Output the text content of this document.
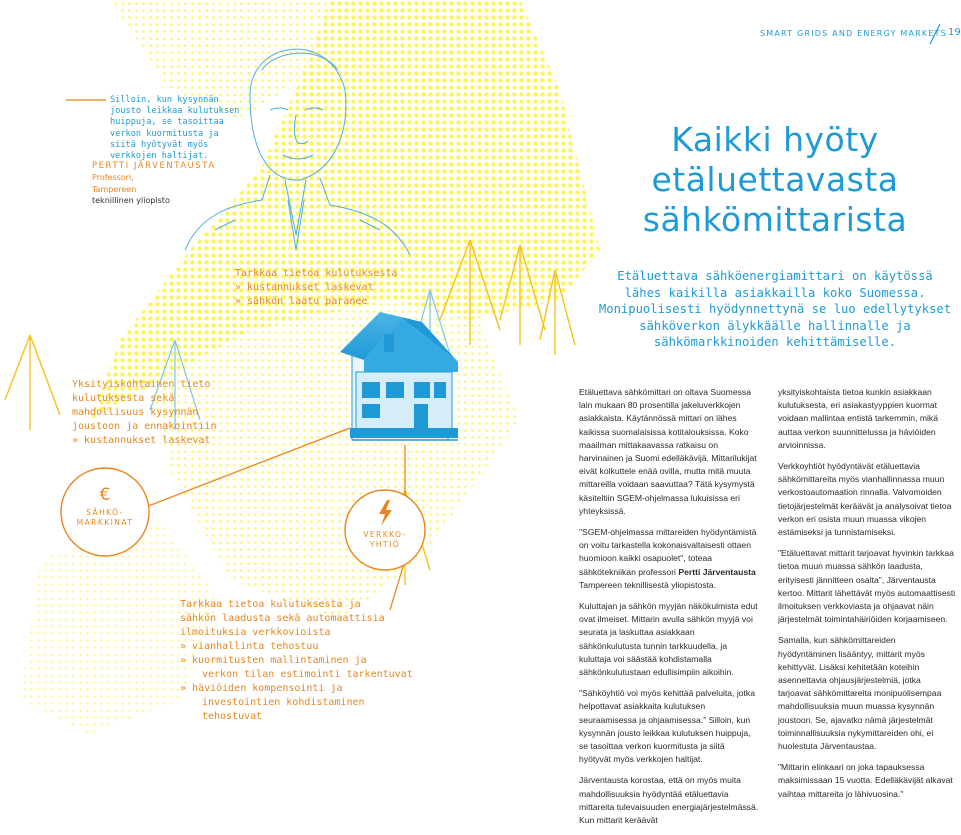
SMART GRIDS AND ENERGY MARKETS 19
Silloin, kun kysynnän jousto leikkaa kulutuksen huippuja, se tasoittaa verkon kuormitusta ja siitä hyötyvät myös verkkojen haltijat.
PERTTI JÄRVENTAUSTA
Professori,
Tampereen
teknillinen yliopisto
Kaikki hyöty
etäluettavasta
sähkömittarista
Etäluettava sähköenergiamittari on käytössä
lähes kaikilla asiakkailla koko Suomessa.
Monipuolisesti hyödynnettynä se luo edellytykset
sähköverkon älykkäälle hallinnalle ja
sähkömarkkinoiden kehittämiselle.
Tarkkaa tietoa kulutuksesta
» kustannukset laskevat
» sähkön laatu paranee
Yksityiskohtainen tieto
kulutuksesta sekä
mahdollisuus kysynnän
joustoon ja ennakointiin
» kustannukset laskevat
€
SÄHKÖ-
MARKKINAT
VERKKO-
YHTIÖ
Tarkkaa tietoa kulutuksesta ja
sähkön laadusta sekä automaattisia
ilmoituksia verkkovioista
» vianhallinta tehostuu
» kuormitusten mallintaminen ja
verkon tilan estimointi tarkentuvat
» häviöiden kompensointi ja
investointien kohdistaminen
tehostuvat

Etäluettava sähkömittari on oltava Suomessa lain mukaan 80 prosentilla jakeluverkkojen asiakkaista. Käytännössä mittari on lähes kaikissa suomalaisissa kotitalouksissa. Koko maailman mittakaavassa ratkaisu on harvinainen ja Suomi edelläkävijä. Mittarilukijat eivät kolkuttele enää ovilla, mutta mitä muuta mittareilla voidaan saavuttaa? Tätä kysymystä käsiteltiin SGEM-ohjelmassa lukuisissa eri yhteyksissä.

"SGEM-ohjelmassa mittareiden hyödyntämistä on voitu tarkastella kokonaisvaltaisesti ottaen huomioon kaikki osapuolet", toteaa sähkötekniikan professori Pertti Järventausta Tampereen teknillisestä yliopistosta.

Kuluttajan ja sähkön myyjän näkökulmista edut ovat ilmeiset. Mittarin avulla sähkön myyjä voi seurata ja laskuttaa asiakkaan sähkönkulutusta tunnin tarkkuudella, ja kuluttaja voi säästää kohdistamalla sähkönkulutustaan edullisimpiin aikoihin.

"Sähköyhtiö voi myös kehittää palveluita, jotka helpottavat asiakkaita kulutuksen seuraamisessa ja ohjaamisessa." Silloin, kun kysynnän jousto leikkaa kulutuksen huippuja, se tasoittaa verkon kuormitusta ja siitä hyötyvät myös verkkojen haltijat.

Järventausta korostaa, että on myös muita mahdollisuuksia hyödyntää etäluettavia mittareita tulevaisuuden energiajärjestelmässä. Kun mittarit keräävät

yksityiskohtaista tietoa kunkin asiakkaan kulutuksesta, eri asiakastyyppien kuormat voidaan mallintaa entistä tarkemmin, mikä auttaa verkon suunnittelussa ja häviöiden arvioinnissa.

Verkkoyhtiöt hyödyntävät etäluettavia sähkömittareita myös vianhallinnassa muun verkostoautomaation rinnalla. Valvomoiden tietojärjestelmät keräävät ja analysoivat tietoa verkon eri osista muun muassa vikojen estämiseksi ja tunnistamiseksi.

"Etäluettavat mittarit tarjoavat hyvinkin tarkkaa tietoa muun muassa sähkön laadusta, erityisesti jännitteen osalta", Järventausta kertoo. Mittarit lähettävät myös automaattisesti ilmoituksen verkkoviasta ja ohjaavat näin järjestelmät toimintahäiriöiden korjaamiseen.

Samalla, kun sähkömittareiden hyödyntäminen lisääntyy, mittarit myös kehittyvät. Lisäksi kehitetään koteihin asennettavia ohjausjärjestelmiä, jotka tarjoavat sähkömittareita monipuolisempaa mahdollisuuksia muun muassa kysynnän joustoon. Se, ajavatko nämä järjestelmät toiminnallisuuksia nykymittareiden ohi, ei huolestuta Järventaustaa.

"Mittarin elinkaari on joka tapauksessa maksimissaan 15 vuotta. Edelläkävijät alkavat vaihtaa mittareita jo lähivuosina."
